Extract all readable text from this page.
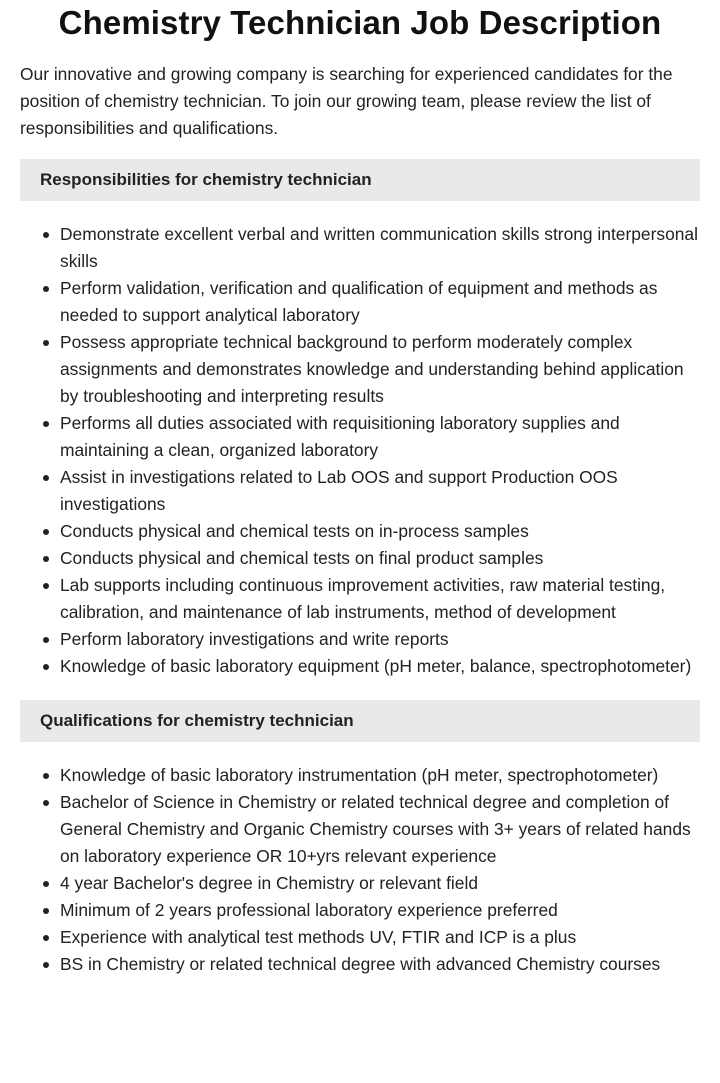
Chemistry Technician Job Description

Our innovative and growing company is searching for experienced candidates for the position of chemistry technician. To join our growing team, please review the list of responsibilities and qualifications.

Responsibilities for chemistry technician
Demonstrate excellent verbal and written communication skills strong interpersonal skills
Perform validation, verification and qualification of equipment and methods as needed to support analytical laboratory
Possess appropriate technical background to perform moderately complex assignments and demonstrates knowledge and understanding behind application by troubleshooting and interpreting results
Performs all duties associated with requisitioning laboratory supplies and maintaining a clean, organized laboratory
Assist in investigations related to Lab OOS and support Production OOS investigations
Conducts physical and chemical tests on in-process samples
Conducts physical and chemical tests on final product samples
Lab supports including continuous improvement activities, raw material testing, calibration, and maintenance of lab instruments, method of development
Perform laboratory investigations and write reports
Knowledge of basic laboratory equipment (pH meter, balance, spectrophotometer)
Qualifications for chemistry technician
Knowledge of basic laboratory instrumentation (pH meter, spectrophotometer)
Bachelor of Science in Chemistry or related technical degree and completion of General Chemistry and Organic Chemistry courses with 3+ years of related hands on laboratory experience OR 10+yrs relevant experience
4 year Bachelor's degree in Chemistry or relevant field
Minimum of 2 years professional laboratory experience preferred
Experience with analytical test methods UV, FTIR and ICP is a plus
BS in Chemistry or related technical degree with advanced Chemistry courses
